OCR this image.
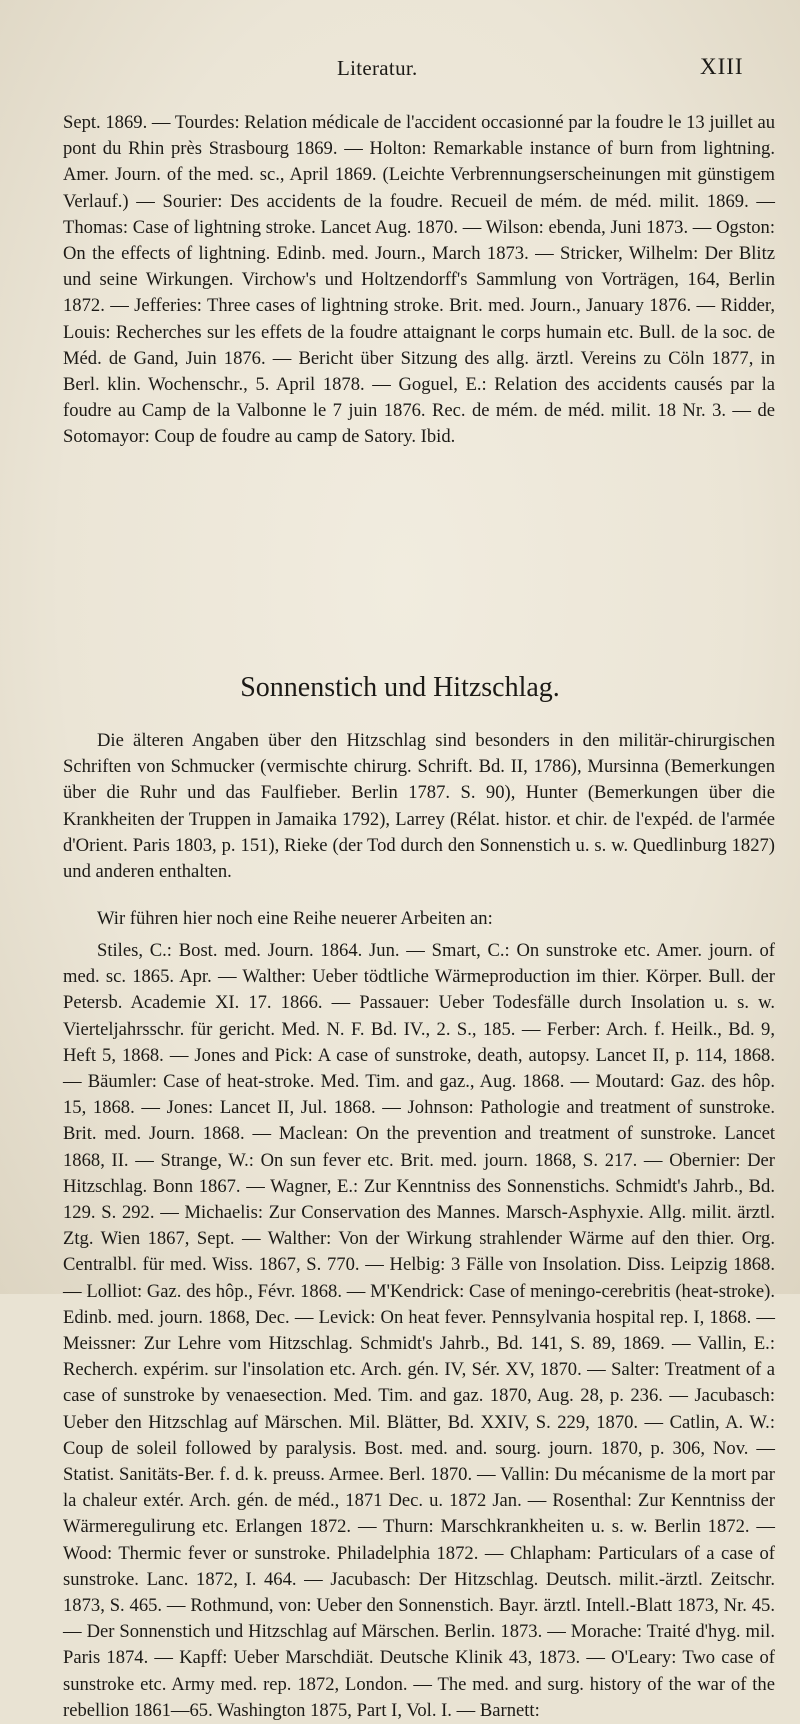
Literatur.	XIII

Sept. 1869. — Tourdes: Relation médicale de l'accident occasionné par la foudre le 13 juillet au pont du Rhin près Strasbourg 1869. — Holton: Remarkable instance of burn from lightning. Amer. Journ. of the med. sc., April 1869. (Leichte Verbrennungserscheinungen mit günstigem Verlauf.) — Sourier: Des accidents de la foudre. Recueil de mém. de méd. milit. 1869. — Thomas: Case of lightning stroke. Lancet Aug. 1870. — Wilson: ebenda, Juni 1873. — Ogston: On the effects of lightning. Edinb. med. Journ., March 1873. — Stricker, Wilhelm: Der Blitz und seine Wirkungen. Virchow's und Holtzendorff's Sammlung von Vorträgen, 164, Berlin 1872. — Jefferies: Three cases of lightning stroke. Brit. med. Journ., January 1876. — Ridder, Louis: Recherches sur les effets de la foudre attaignant le corps humain etc. Bull. de la soc. de Méd. de Gand, Juin 1876. — Bericht über Sitzung des allg. ärztl. Vereins zu Cöln 1877, in Berl. klin. Wochenschr., 5. April 1878. — Goguel, E.: Relation des accidents causés par la foudre au Camp de la Valbonne le 7 juin 1876. Rec. de mém. de méd. milit. 18 Nr. 3. — de Sotomayor: Coup de foudre au camp de Satory. Ibid.

Sonnenstich und Hitzschlag.

Die älteren Angaben über den Hitzschlag sind besonders in den militär-chirurgischen Schriften von Schmucker (vermischte chirurg. Schrift. Bd. II, 1786), Mursinna (Bemerkungen über die Ruhr und das Faulfieber. Berlin 1787. S. 90), Hunter (Bemerkungen über die Krankheiten der Truppen in Jamaika 1792), Larrey (Rélat. histor. et chir. de l'expéd. de l'armée d'Orient. Paris 1803, p. 151), Rieke (der Tod durch den Sonnenstich u. s. w. Quedlinburg 1827) und anderen enthalten.

Wir führen hier noch eine Reihe neuerer Arbeiten an:

Stiles, C.: Bost. med. Journ. 1864. Jun. — Smart, C.: On sunstroke etc. Amer. journ. of med. sc. 1865. Apr. — Walther: Ueber tödtliche Wärmeproduction im thier. Körper. Bull. der Petersb. Academie XI. 17. 1866. — Passauer: Ueber Todesfälle durch Insolation u. s. w. Vierteljahrsschr. für gericht. Med. N. F. Bd. IV., 2. S., 185. — Ferber: Arch. f. Heilk., Bd. 9, Heft 5, 1868. — Jones and Pick: A case of sunstroke, death, autopsy. Lancet II, p. 114, 1868. — Bäumler: Case of heat-stroke. Med. Tim. and gaz., Aug. 1868. — Moutard: Gaz. des hôp. 15, 1868. — Jones: Lancet II, Jul. 1868. — Johnson: Pathologie and treatment of sunstroke. Brit. med. Journ. 1868. — Maclean: On the prevention and treatment of sunstroke. Lancet 1868, II. — Strange, W.: On sun fever etc. Brit. med. journ. 1868, S. 217. — Obernier: Der Hitzschlag. Bonn 1867. — Wagner, E.: Zur Kenntniss des Sonnenstichs. Schmidt's Jahrb., Bd. 129. S. 292. — Michaelis: Zur Conservation des Mannes. Marsch-Asphyxie. Allg. milit. ärztl. Ztg. Wien 1867, Sept. — Walther: Von der Wirkung strahlender Wärme auf den thier. Org. Centralbl. für med. Wiss. 1867, S. 770. — Helbig: 3 Fälle von Insolation. Diss. Leipzig 1868. — Lolliot: Gaz. des hôp., Févr. 1868. — M'Kendrick: Case of meningo-cerebritis (heat-stroke). Edinb. med. journ. 1868, Dec. — Levick: On heat fever. Pennsylvania hospital rep. I, 1868. — Meissner: Zur Lehre vom Hitzschlag. Schmidt's Jahrb., Bd. 141, S. 89, 1869. — Vallin, E.: Recherch. expérim. sur l'insolation etc. Arch. gén. IV, Sér. XV, 1870. — Salter: Treatment of a case of sunstroke by venaesection. Med. Tim. and gaz. 1870, Aug. 28, p. 236. — Jacubasch: Ueber den Hitzschlag auf Märschen. Mil. Blätter, Bd. XXIV, S. 229, 1870. — Catlin, A. W.: Coup de soleil followed by paralysis. Bost. med. and. sourg. journ. 1870, p. 306, Nov. — Statist. Sanitäts-Ber. f. d. k. preuss. Armee. Berl. 1870. — Vallin: Du mécanisme de la mort par la chaleur extér. Arch. gén. de méd., 1871 Dec. u. 1872 Jan. — Rosenthal: Zur Kenntniss der Wärmeregulirung etc. Erlangen 1872. — Thurn: Marschkrankheiten u. s. w. Berlin 1872. — Wood: Thermic fever or sunstroke. Philadelphia 1872. — Chlapham: Particulars of a case of sunstroke. Lanc. 1872, I. 464. — Jacubasch: Der Hitzschlag. Deutsch. milit.-ärztl. Zeitschr. 1873, S. 465. — Rothmund, von: Ueber den Sonnenstich. Bayr. ärztl. Intell.-Blatt 1873, Nr. 45. — Der Sonnenstich und Hitzschlag auf Märschen. Berlin. 1873. — Morache: Traité d'hyg. mil. Paris 1874. — Kapff: Ueber Marschdiät. Deutsche Klinik 43, 1873. — O'Leary: Two case of sunstroke etc. Army med. rep. 1872, London. — The med. and surg. history of the war of the rebellion 1861—65. Washington 1875, Part I, Vol. I. — Barnett:
